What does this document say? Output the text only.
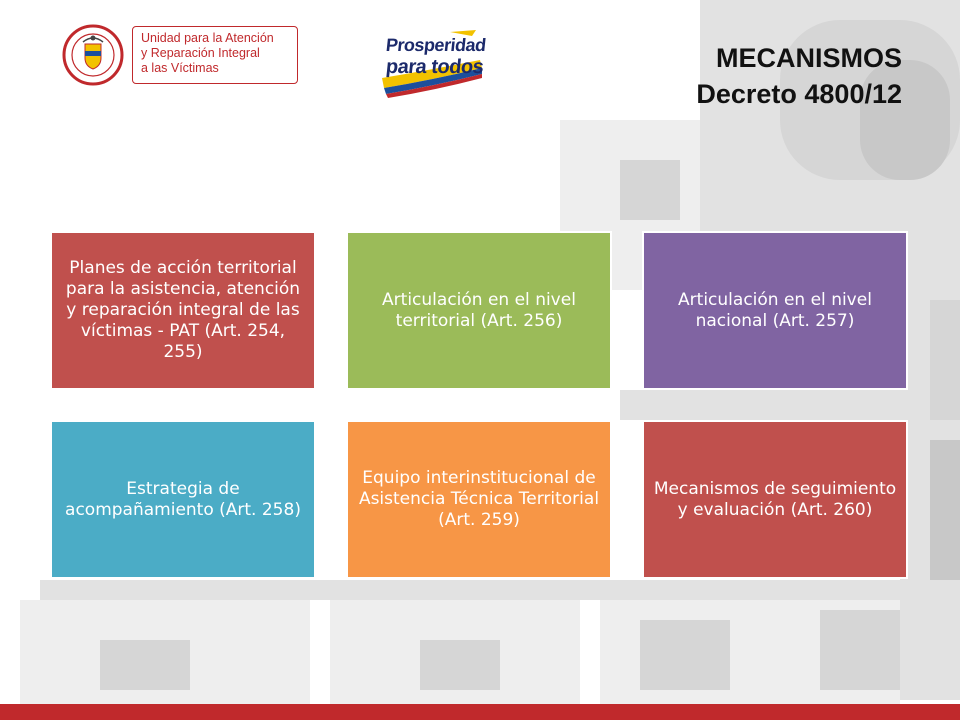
Unidad para la Atención
y Reparación Integral
a las Víctimas
Prosperidad
para todos	MECANISMOS
Decreto 4800/12
Planes de acción territorial para la asistencia, atención y reparación integral de las víctimas - PAT (Art. 254, 255)
Articulación en el nivel territorial (Art. 256)
Articulación en el nivel nacional (Art. 257)
Estrategia de acompañamiento (Art. 258)
Equipo interinstitucional de Asistencia Técnica Territorial (Art. 259)
Mecanismos de seguimiento y evaluación (Art. 260)
